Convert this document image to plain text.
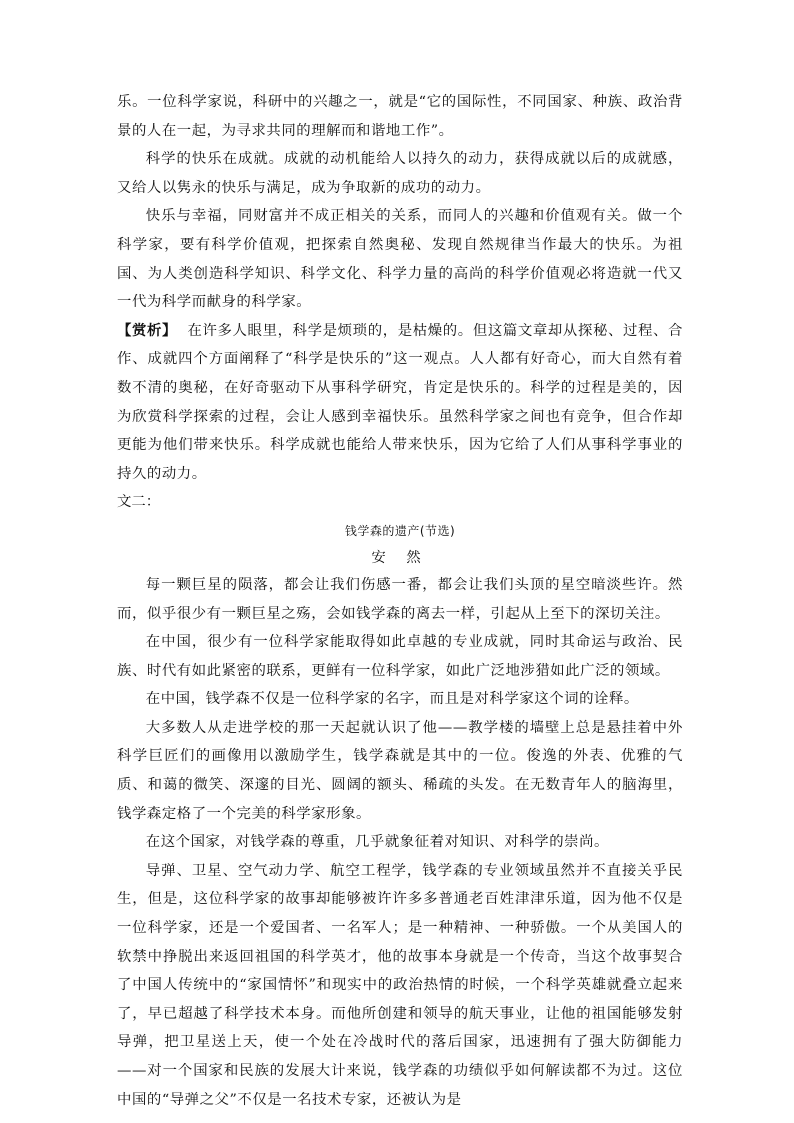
乐。一位科学家说，科研中的兴趣之一，就是“它的国际性，不同国家、种族、政治背景的人在一起，为寻求共同的理解而和谐地工作”。

科学的快乐在成就。成就的动机能给人以持久的动力，获得成就以后的成就感，又给人以隽永的快乐与满足，成为争取新的成功的动力。

快乐与幸福，同财富并不成正相关的关系，而同人的兴趣和价值观有关。做一个科学家，要有科学价值观，把探索自然奥秘、发现自然规律当作最大的快乐。为祖国、为人类创造科学知识、科学文化、科学力量的高尚的科学价值观必将造就一代又一代为科学而献身的科学家。

【赏析】 在许多人眼里，科学是烦琐的，是枯燥的。但这篇文章却从探秘、过程、合作、成就四个方面阐释了“科学是快乐的”这一观点。人人都有好奇心，而大自然有着数不清的奥秘，在好奇驱动下从事科学研究，肯定是快乐的。科学的过程是美的，因为欣赏科学探索的过程，会让人感到幸福快乐。虽然科学家之间也有竞争，但合作却更能为他们带来快乐。科学成就也能给人带来快乐，因为它给了人们从事科学事业的持久的动力。

文二：

钱学森的遗产(节选)

安 然

每一颗巨星的陨落，都会让我们伤感一番，都会让我们头顶的星空暗淡些许。然而，似乎很少有一颗巨星之殇，会如钱学森的离去一样，引起从上至下的深切关注。

在中国，很少有一位科学家能取得如此卓越的专业成就，同时其命运与政治、民族、时代有如此紧密的联系，更鲜有一位科学家，如此广泛地涉猎如此广泛的领域。

在中国，钱学森不仅是一位科学家的名字，而且是对科学家这个词的诠释。

大多数人从走进学校的那一天起就认识了他——教学楼的墙壁上总是悬挂着中外科学巨匠们的画像用以激励学生，钱学森就是其中的一位。俊逸的外表、优雅的气质、和蔼的微笑、深邃的目光、圆阔的额头、稀疏的头发。在无数青年人的脑海里，钱学森定格了一个完美的科学家形象。

在这个国家，对钱学森的尊重，几乎就象征着对知识、对科学的崇尚。

导弹、卫星、空气动力学、航空工程学，钱学森的专业领域虽然并不直接关乎民生，但是，这位科学家的故事却能够被许许多多普通老百姓津津乐道，因为他不仅是一位科学家，还是一个爱国者、一名军人；是一种精神、一种骄傲。一个从美国人的软禁中挣脱出来返回祖国的科学英才，他的故事本身就是一个传奇，当这个故事契合了中国人传统中的“家国情怀”和现实中的政治热情的时候，一个科学英雄就叠立起来了，早已超越了科学技术本身。而他所创建和领导的航天事业，让他的祖国能够发射导弹，把卫星送上天，使一个处在冷战时代的落后国家，迅速拥有了强大防御能力——对一个国家和民族的发展大计来说，钱学森的功绩似乎如何解读都不为过。这位中国的“导弹之父”不仅是一名技术专家，还被认为是
